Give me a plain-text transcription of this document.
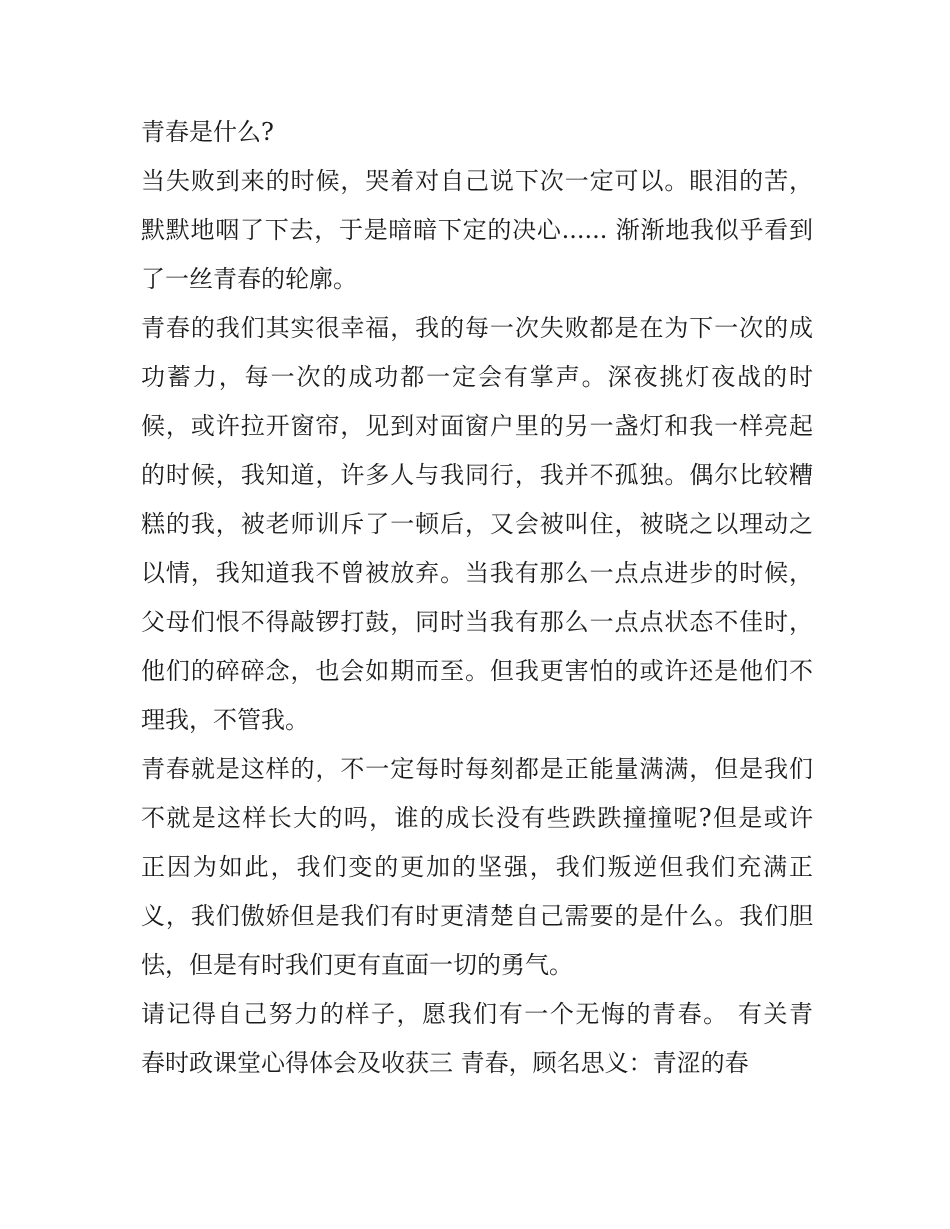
青春是什么?
当失败到来的时候，哭着对自己说下次一定可以。眼泪的苦，
默默地咽了下去，于是暗暗下定的决心...... 渐渐地我似乎看到
了一丝青春的轮廓。
青春的我们其实很幸福，我的每一次失败都是在为下一次的成
功蓄力，每一次的成功都一定会有掌声。深夜挑灯夜战的时
候，或许拉开窗帘，见到对面窗户里的另一盏灯和我一样亮起
的时候，我知道，许多人与我同行，我并不孤独。偶尔比较糟
糕的我，被老师训斥了一顿后，又会被叫住，被晓之以理动之
以情，我知道我不曾被放弃。当我有那么一点点进步的时候，
父母们恨不得敲锣打鼓，同时当我有那么一点点状态不佳时，
他们的碎碎念，也会如期而至。但我更害怕的或许还是他们不
理我，不管我。
青春就是这样的，不一定每时每刻都是正能量满满，但是我们
不就是这样长大的吗，谁的成长没有些跌跌撞撞呢?但是或许
正因为如此，我们变的更加的坚强，我们叛逆但我们充满正
义，我们傲娇但是我们有时更清楚自己需要的是什么。我们胆
怯，但是有时我们更有直面一切的勇气。
请记得自己努力的样子，愿我们有一个无悔的青春。 有关青
春时政课堂心得体会及收获三 青春，顾名思义：青涩的春
